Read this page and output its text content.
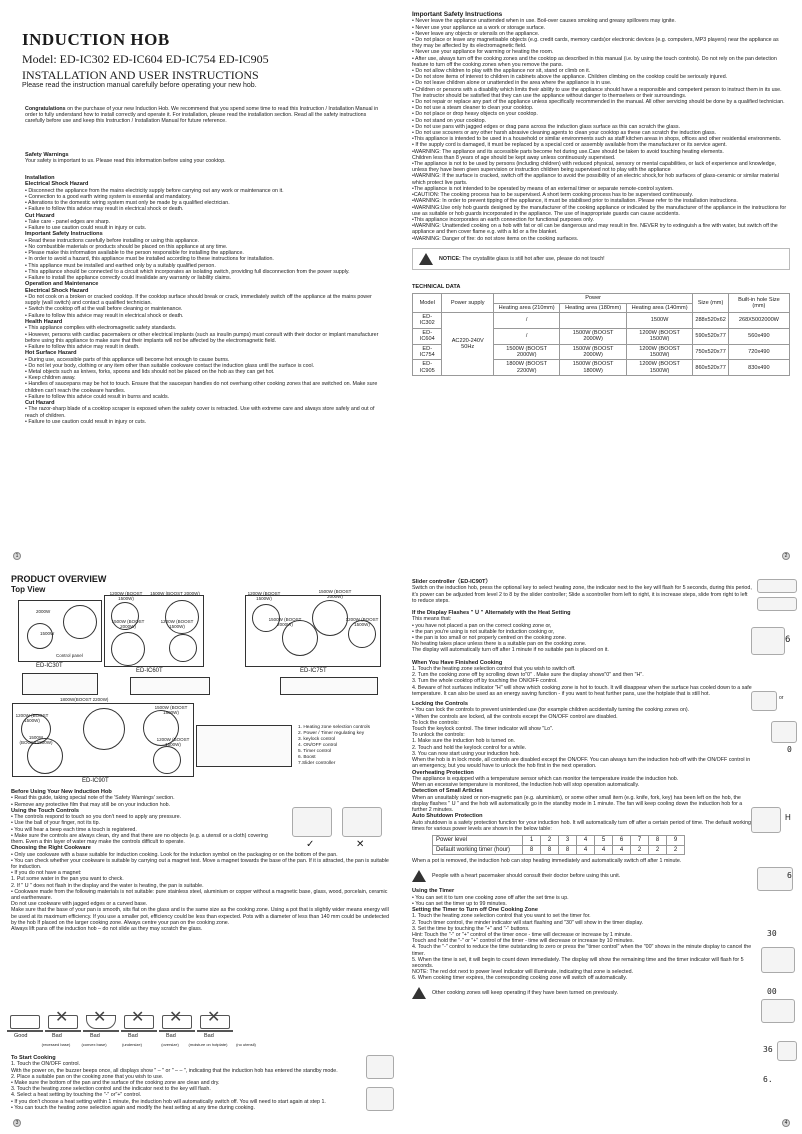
INDUCTION HOB
Model: ED-IC302 ED-IC604 ED-IC754 ED-IC905
INSTALLATION AND USER INSTRUCTIONS
Please read the instruction manual carefully before operating your new hob.
Congratulations on the purchase of your new Induction Hob. We recommend that you spend some time to read this Instruction / Installation Manual in order to fully understand how to install correctly and operate it. For installation, please read the installation section. Read all the safety instructions carefully before use and keep this Instruction / Installation Manual for future reference.
Safety Warnings
Your safety is important to us. Please read this information before using your cooktop.
Installation
Electrical Shock Hazard
• Disconnect the appliance from the mains electricity supply before carrying out any work or maintenance on it.
• Connection to a good earth wiring system is essential and mandatory.
• Alterations to the domestic wiring system must only be made by a qualified electrician.
• Failure to follow this advice may result in electrical shock or death.
Cut Hazard
• Take care - panel edges are sharp.
• Failure to use caution could result in injury or cuts.
Important Safety Instructions
• Read these instructions carefully before installing or using this appliance.
• No combustible materials or products should be placed on this appliance at any time.
• Please make this information available to the person responsible for installing the appliance.
• In order to avoid a hazard, this appliance must be installed according to these instructions for installation.
• This appliance must be installed and earthed only by a suitably qualified person.
• This appliance should be connected to a circuit which incorporates an isolating switch, providing full disconnection from the power supply.
• Failure to install the appliance correctly could invalidate any warranty or liability claims.
Operation and Maintenance
Electrical Shock Hazard
• Do not cook on a broken or cracked cooktop. If the cooktop surface should break or crack, immediately switch off the appliance at the mains power supply (wall switch) and contact a qualified technician.
• Switch the cooktop off at the wall before cleaning or maintenance.
• Failure to follow this advice may result in electrical shock or death.
Health Hazard
• This appliance complies with electromagnetic safety standards.
• However, persons with cardiac pacemakers or other electrical implants (such as insulin pumps) must consult with their doctor or implant manufacturer before using this appliance to make sure that their implants will not be affected by the electromagnetic field.
• Failure to follow this advice may result in death.
Hot Surface Hazard
• During use, accessible parts of this appliance will become hot enough to cause burns.
• Do not let your body, clothing or any item other than suitable cookware contact the induction glass until the surface is cool.
• Metal objects such as knives, forks, spoons and lids should not be placed on the hob as they can get hot.
• Keep children away.
• Handles of saucepans may be hot to touch. Ensure that the saucepan handles do not overhang other cooking zones that are switched on. Make sure children can't reach the cookware handles.
• Failure to follow this advice could result in burns and scalds.
Cut Hazard
• The razor-sharp blade of a cooktop scraper is exposed when the safety cover is retracted. Use with extreme care and always store safely and out of reach of children.
• Failure to use caution could result in injury or cuts.
1
Important Safety Instructions
• Never leave the appliance unattended when in use. Boil-over causes smoking and greasy spillovers may ignite.
• Never use your appliance as a work or storage surface.
• Never leave any objects or utensils on the appliance.
• Do not place or leave any magnetisable objects (e.g. credit cards, memory cards)or electronic devices (e.g. computers, MP3 players) near the appliance as they may be affected by its electromagnetic field.
• Never use your appliance for warming or heating the room.
• After use, always turn off the cooking zones and the cooktop as described in this manual (i.e. by using the touch controls). Do not rely on the pan detection feature to turn off the cooking zones when you remove the pans.
• Do not allow children to play with the appliance nor sit, stand or climb on it.
• Do not store items of interest to children in cabinets above the appliance. Children climbing on the cooktop could be seriously injured.
• Do not leave children alone or unattended in the area where the appliance is in use.
• Children or persons with a disability which limits their ability to use the appliance should have a responsible and competent person to instruct them in its use. The instructor should be satisfied that they can use the appliance without danger to themselves or their surroundings.
• Do not repair or replace any part of the appliance unless specifically recommended in the manual. All other servicing should be done by a qualified technician.
• Do not use a steam cleaner to clean your cooktop.
• Do not place or drop heavy objects on your cooktop.
• Do not stand on your cooktop.
• Do not use pans with jagged edges or drag pans across the induction glass surface as this can scratch the glass.
• Do not use scourers or any other harsh abrasive cleaning agents to clean your cooktop as these can scratch the induction glass.
•This appliance is intended to be used in a household or similar environments such as staff kitchen areas in shops, offices and other residential environments.
• If the supply cord is damaged, it must be replaced by a special cord or assembly available from the manufacturer or its service agent.
•WARNING: The appliance and its accessible parts become hot during use.Care should be taken to avoid touching heating elements.
Children less than 8 years of age should be kept away unless continuously supervised.
•The appliance is not to be used by persons (including children) with reduced physical, sensory or mental capabilities, or lack of experience and knowledge, unless they have been given supervision or instruction children being supervised not to play with the appliance
•WARNING: If the surface is cracked, switch off the appliance to avoid the possibility of an electric shock,for hob surfaces of glass-ceramic or similar material which protect live parts.
•The appliance is not intended to be operated by means of an external timer or separate remote-control system.
•CAUTION: The cooking process has to be supervised. A short term cooking process has to be supervised continuously.
•WARNING: In order to prevent tipping of the appliance, it must be stabilised prior to installation. Please refer to the installation instructions.
•WARNING:Use only hob guards designed by the manufacturer of the cooking appliance or indicated by the manufacturer of the appliance in the instructions for use as suitable or hob guards incorporated in the appliance. The use of inappropriate guards can cause accidents.
•This appliance incorporates an earth connection for functional purposes only.
•WARNING: Unattended cooking on a hob with fat or oil can be dangerous and may result in fire. NEVER try to extinguish a fire with water, but switch off the appliance and then cover flame e.g. with a lid or a fire blanket.
•WARNING: Danger of fire: do not store items on the cooking surfaces.
NOTICE: The crystallite glass is still hot after use, please do not touch!
TECHNICAL DATA
Model	Power supply	Power			Size (mm)	Built-in hole Size (mm)
		Heating area (210mm)	Heating area (180mm)	Heating area (140mm)		
ED-IC302	AC220-240V 50Hz	/		1500W	288x520x62	268X5002000W
ED-IC604		/	1500W (BOOST 2000W)	1200W (BOOST 1500W)	590x520x77	560x490
ED-IC754		1500W (BOOST 2000W)	1500W (BOOST 2000W)	1200W (BOOST 1500W)	750x520x77	720x490
ED-IC905		1800W (BOOST 2200W)	1500W (BOOST 1800W)	1200W (BOOST 1500W)	860x520x77	830x490
2
PRODUCT OVERVIEW
Top View
2000W
1500W
Control panel
ED-IC30T
1200W (BOOST 1500W)
1500W (BOOST 2000W)
1500W (BOOST 2000W)
1200W (BOOST 1500W)
ED-IC60T
1200W (BOOST 1500W)
1500W (BOOST 2000W)
1500W (BOOST 2000W)
1200W (BOOST 1500W)
ED-IC75T
1800W(BOOST 2200W)
1200W (BOOST 1500W)
1500W (BOOST 1800W)
1500W (BOOST1800W)
1200W (BOOST 1500W)
ED-IC90T
1. Heating zone selection controls
2. Power / Timer regulating key
3. keylock control
4. ON/OFF control
5. Timer control
6. Boost
7.Slider controller
Before Using Your New Induction Hob
• Read this guide, taking special note of the 'Safety Warnings' section.
• Remove any protective film that may still be on your induction hob.
Using the Touch Controls
• The controls respond to touch so you don't need to apply any pressure.
• Use the ball of your finger, not its tip.
• You will hear a beep each time a touch is registered.
• Make sure the controls are always clean, dry and that there are no objects (e.g. a utensil or a cloth) covering them. Even a thin layer of water may make the controls difficult to operate.
Choosing the Right Cookware
• Only use cookware with a base suitable for induction cooking. Look for the induction symbol on the packaging or on the bottom of the pan.
• You can check whether your cookware is suitable by carrying out a magnet test. Move a magnet towards the base of the pan. If it is attracted, the pan is suitable for induction.
• If you do not have a magnet:
1. Put some water in the pan you want to check.
2. If " ᑌ " does not flash in the display and the water is heating, the pan is suitable.
• Cookware made from the following materials is not suitable: pure stainless steel, aluminium or copper without a magnetic base, glass, wood, porcelain, ceramic and earthenware.
Do not use cookware with jagged edges or a curved base.
Make sure that the base of your pan is smooth, sits flat on the glass and is the same size as the cooking zone. Using a pot that is slightly wider means energy will be used at its maximum efficiency. If you use a smaller pot, efficiency could be less than expected. Pots with a diameter of less than 140 mm could be undetected by the hob If placed on the larger cooking zone. Always centre your pan on the cooking zone.
Always lift pans off the induction hob – do not slide as they may scratch the glass.
✓	✕
To Start Cooking
1. Touch the ON/OFF control.
With the power on, the buzzer beeps once, all displays show " – " or " – – ", indicating that the induction hob has entered the standby mode.
2. Place a suitable pan on the cooking zone that you wish to use.
• Make sure the bottom of the pan and the surface of the cooking zone are clean and dry.
3. Touch the heating zone selection control and the indicator next to the key will flash.
4. Select a heat setting by touching the "-" or"+" control.
• If you don't choose a heat setting within 1 minute, the induction hob will automatically switch off. You will need to start again at step 1.
• You can touch the heating zone selection again and modify the heat setting at any time during cooking.
3
Good
✕
Bad
✕
Bad
✕
Bad
✕
Bad
✕
Bad
(recessed base)	(convex base)	(undersize)	(oversize)	(moisture on hotplate)	(no utensil)
Slider controller（ED-IC90T）
Switch on the induction hob, press the optional key to select heating zone, the indicator next to the key will flash for 5 seconds, during this period, it's power can be adjusted from level 2 to 8 by the slider controller; Slide a scontroller from left to right, it is increase steps, slide from right to left to reduce steps.
If the Display Flashes " ᑌ " Alternately with the Heat Setting
This means that:
• you have not placed a pan on the correct cooking zone or,
• the pan you're using is not suitable for induction cooking or,
• the pan is too small or not properly centred on the cooking zone.
No heating takes place unless there is a suitable pan on the cooking zone.
The display will automatically turn off after 1 minute if no suitable pan is placed on it.
When You Have Finished Cooking
1. Touch the heating zone selection control that you wish to switch off.
2. Turn the cooking zone off by scrolling down to"0" . Make sure the display shows"0" and then "H".
3. Turn the whole cooktop off by touching the ON/OFF control.
4. Beware of hot surfaces indicator "H" will show which cooking zone is hot to touch. It will disappear when the surface has cooled down to a safe temperature. It can also be used as an energy saving function - if you want to heat further pans, use the hotplate that is still hot.
Locking the Controls
• You can lock the controls to prevent unintended use (for example children accidentally turning the cooking zones on).
• When the controls are locked, all the controls except the ON/OFF control are disabled.
To lock the controls:
Touch the keylock control. The timer indicator will show "Lo".
To unlock the controls:
1. Make sure the induction hob is turned on.
2. Touch and hold the keylock control for a while.
3. You can now start using your induction hob.
When the hob is in lock mode, all controls are disabled except the ON/OFF. You can always turn the induction hob off with the ON/OFF control in an emergency, but you would have to unlock the hob first in the next operation.
Overheating Protection
The appliance is equipped with a temperature sensor which can monitor the temperature inside the induction hob.
When an excessive temperature is monitored, the Induction hob will stop operation automatically.
Detection of Small Articles
When an unsuitably sized or non-magnetic pan (e.g. aluminium), or some other small item (e.g. knife, fork, key) has been left on the hob, the display flashes " ᑌ " and the hob will automatically go in the standby mode in 1 minute. The fan will keep cooling down the induction hob for a further 2 minutes.
Auto Shutdown Protection
Auto shutdown is a safety protection function for your induction hob. It will automatically turn off after a certain period of time. The default working times for various power levels are shown in the below table:
Power level	1	2	3	4	5	6	7	8	9
Default working timer (hour)	8	8	8	4	4	4	2	2	2
When a pot is removed, the induction hob can stop heating immediately and automatically switch off after 1 minute.
People with a heart pacemaker should consult their doctor before using this unit.
Using the Timer
• You can set it to turn one cooking zone off after the set time is up.
• You can set the timer up to 99 minutes.
Setting the Timer to Turn off One Cooking Zone
1. Touch the heating zone selection control that you want to set the timer for.
2. Touch timer control, the minder indicator will start flashing and "30" will show in the timer display.
3. Set the time by touching the "+" and "-" buttons.
Hint: Touch the "-" or "+" control of the timer once - time will decrease or increase by 1 minute.
Touch and hold the "-" or "+" control of the timer - time will decrease or increase by 10 minutes.
4. Touch the "-" control to reduce the time outstanding to zero or press the "timer control" when the "00" shows in the minute display to cancel the timer.
5. When the time is set, it will begin to count down immediately. The display will show the remaining time and the timer indicator will flash for 5 seconds.
NOTE: The red dot next to power level indicator will illuminate, indicating that zone is selected.
6. When cooking timer expires, the corresponding cooking zone will switch off automatically.
Other cooking zones will keep operating if they have been turned on previously.
6
or
0
H
6
30
00
36
6.
4
